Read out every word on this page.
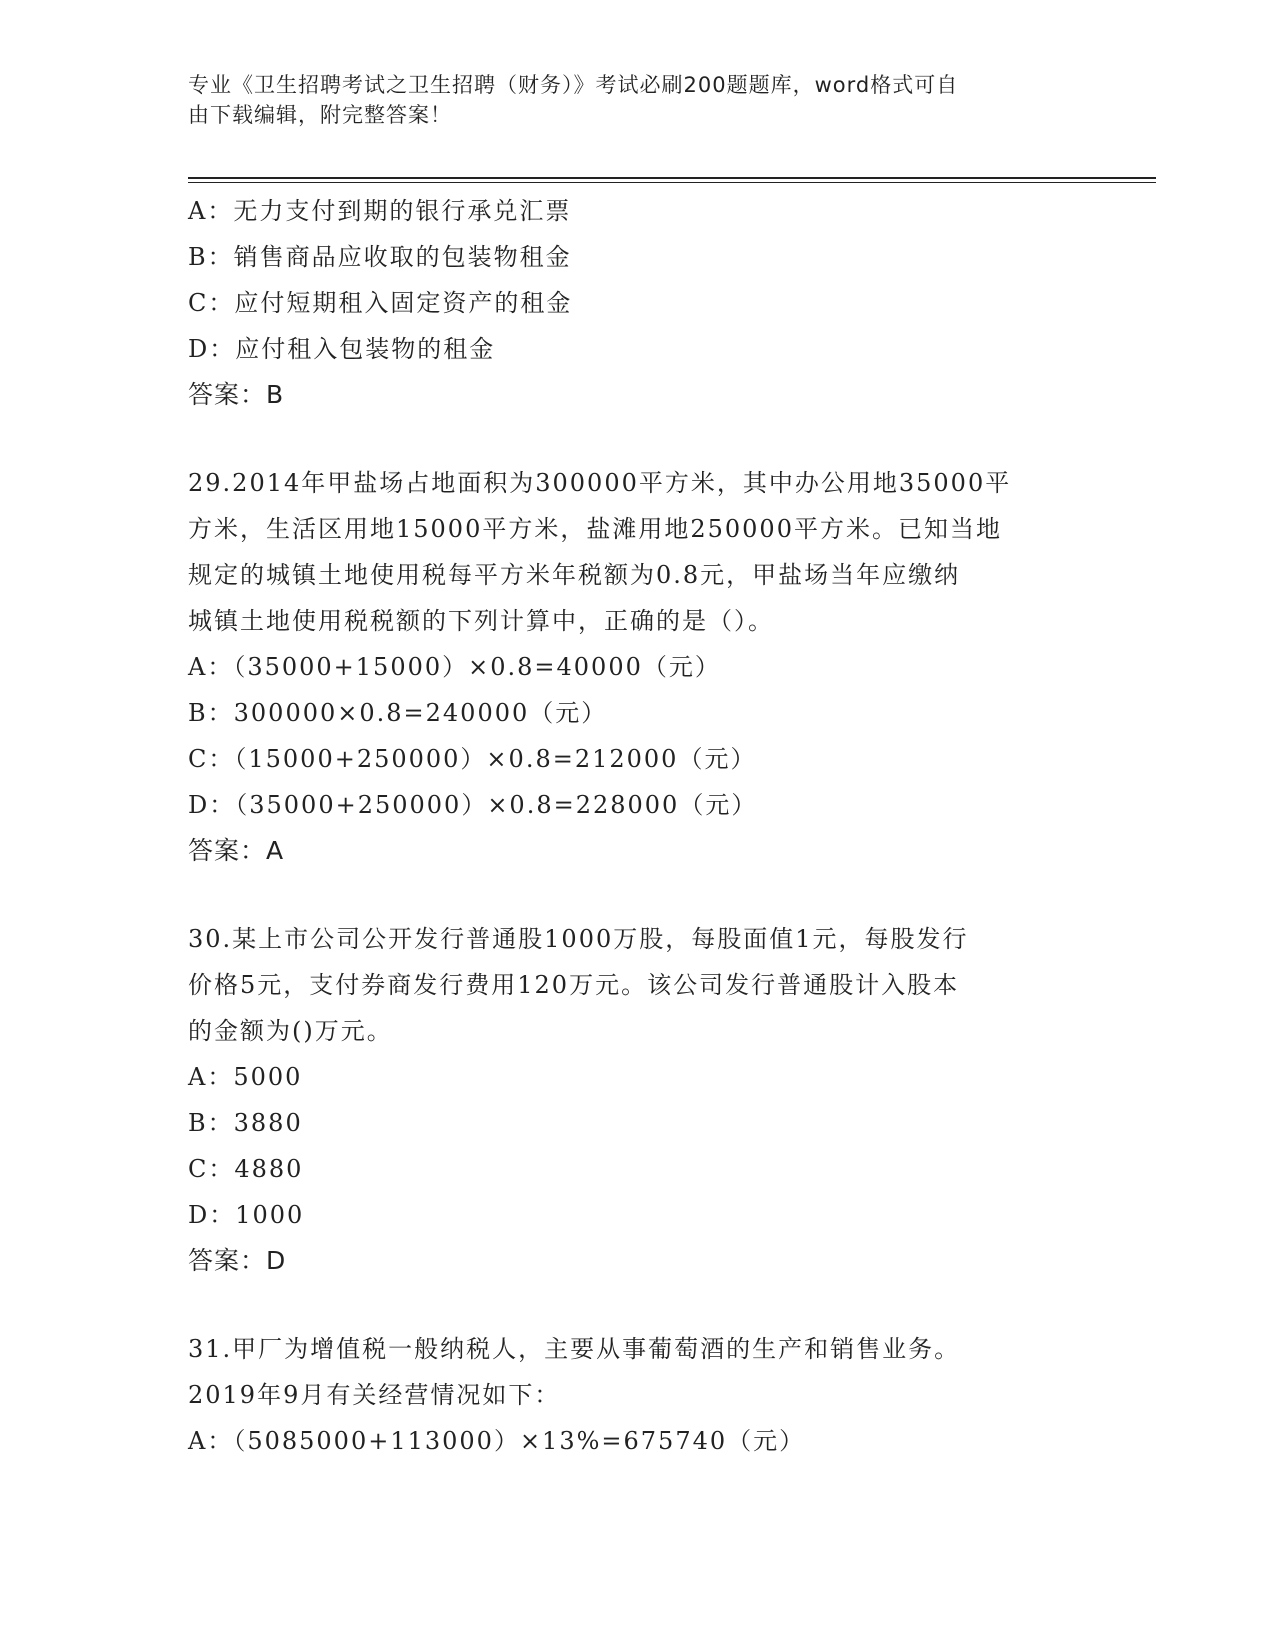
专业《卫生招聘考试之卫生招聘（财务）》考试必刷200题题库，word格式可自
由下载编辑，附完整答案！
A：无力支付到期的银行承兑汇票
B：销售商品应收取的包装物租金
C：应付短期租入固定资产的租金
D：应付租入包装物的租金
答案：B
29.2014年甲盐场占地面积为300000平方米，其中办公用地35000平
方米，生活区用地15000平方米，盐滩用地250000平方米。已知当地
规定的城镇土地使用税每平方米年税额为0.8元，甲盐场当年应缴纳
城镇土地使用税税额的下列计算中，正确的是（）。
A：（35000+15000）×0.8=40000（元）
B：300000×0.8=240000（元）
C：（15000+250000）×0.8=212000（元）
D：（35000+250000）×0.8=228000（元）
答案：A
30.某上市公司公开发行普通股1000万股，每股面值1元，每股发行
价格5元，支付券商发行费用120万元。该公司发行普通股计入股本
的金额为()万元。
A：5000
B：3880
C：4880
D：1000
答案：D
31.甲厂为增值税一般纳税人，主要从事葡萄酒的生产和销售业务。
2019年9月有关经营情况如下：
A：（5085000+113000）×13%=675740（元）
